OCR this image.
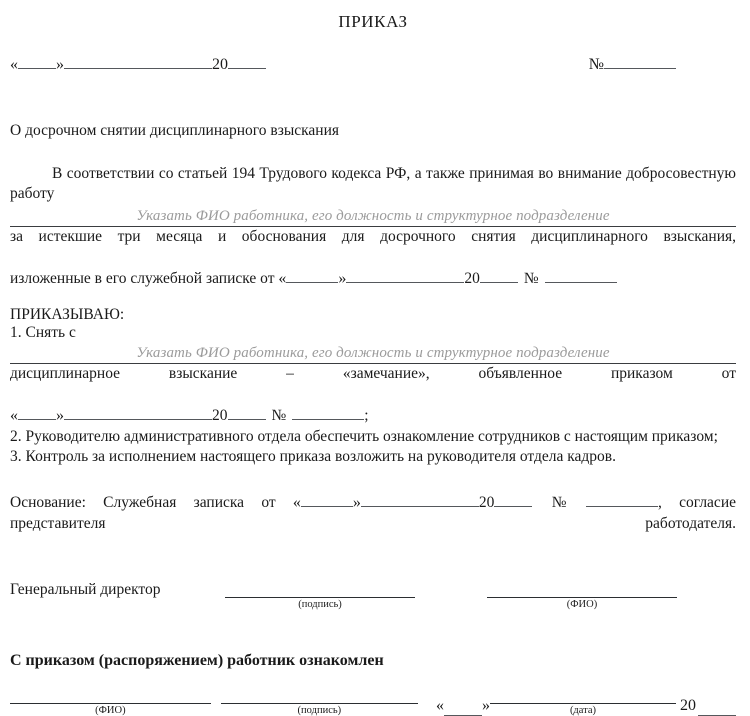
ПРИКАЗ
« »	20	№
О досрочном снятии дисциплинарного взыскания
В соответствии со статьей 194 Трудового кодекса РФ, а также принимая во внимание добросовестную работу
Указать ФИО работника, его должность и структурное подразделение
за истекшие три месяца и обоснования для досрочного снятия дисциплинарного взыскания,
изложенные в его служебной записке от «	»	20	№
ПРИКАЗЫВАЮ:
1. Снять с
Указать ФИО работника, его должность и структурное подразделение
дисциплинарное взыскание – «замечание», объявленное приказом от
« »	20	№	;
2. Руководителю административного отдела обеспечить ознакомление сотрудников с настоящим приказом;
3. Контроль за исполнением настоящего приказа возложить на руководителя отдела кадров.
Основание: Служебная записка от «	»	20	№	, согласие представителя работодателя.
Генеральный директор
(подпись)	(ФИО)
С приказом (распоряжением) работник ознакомлен
(ФИО)	(подпись)	« »	(дата)	20
